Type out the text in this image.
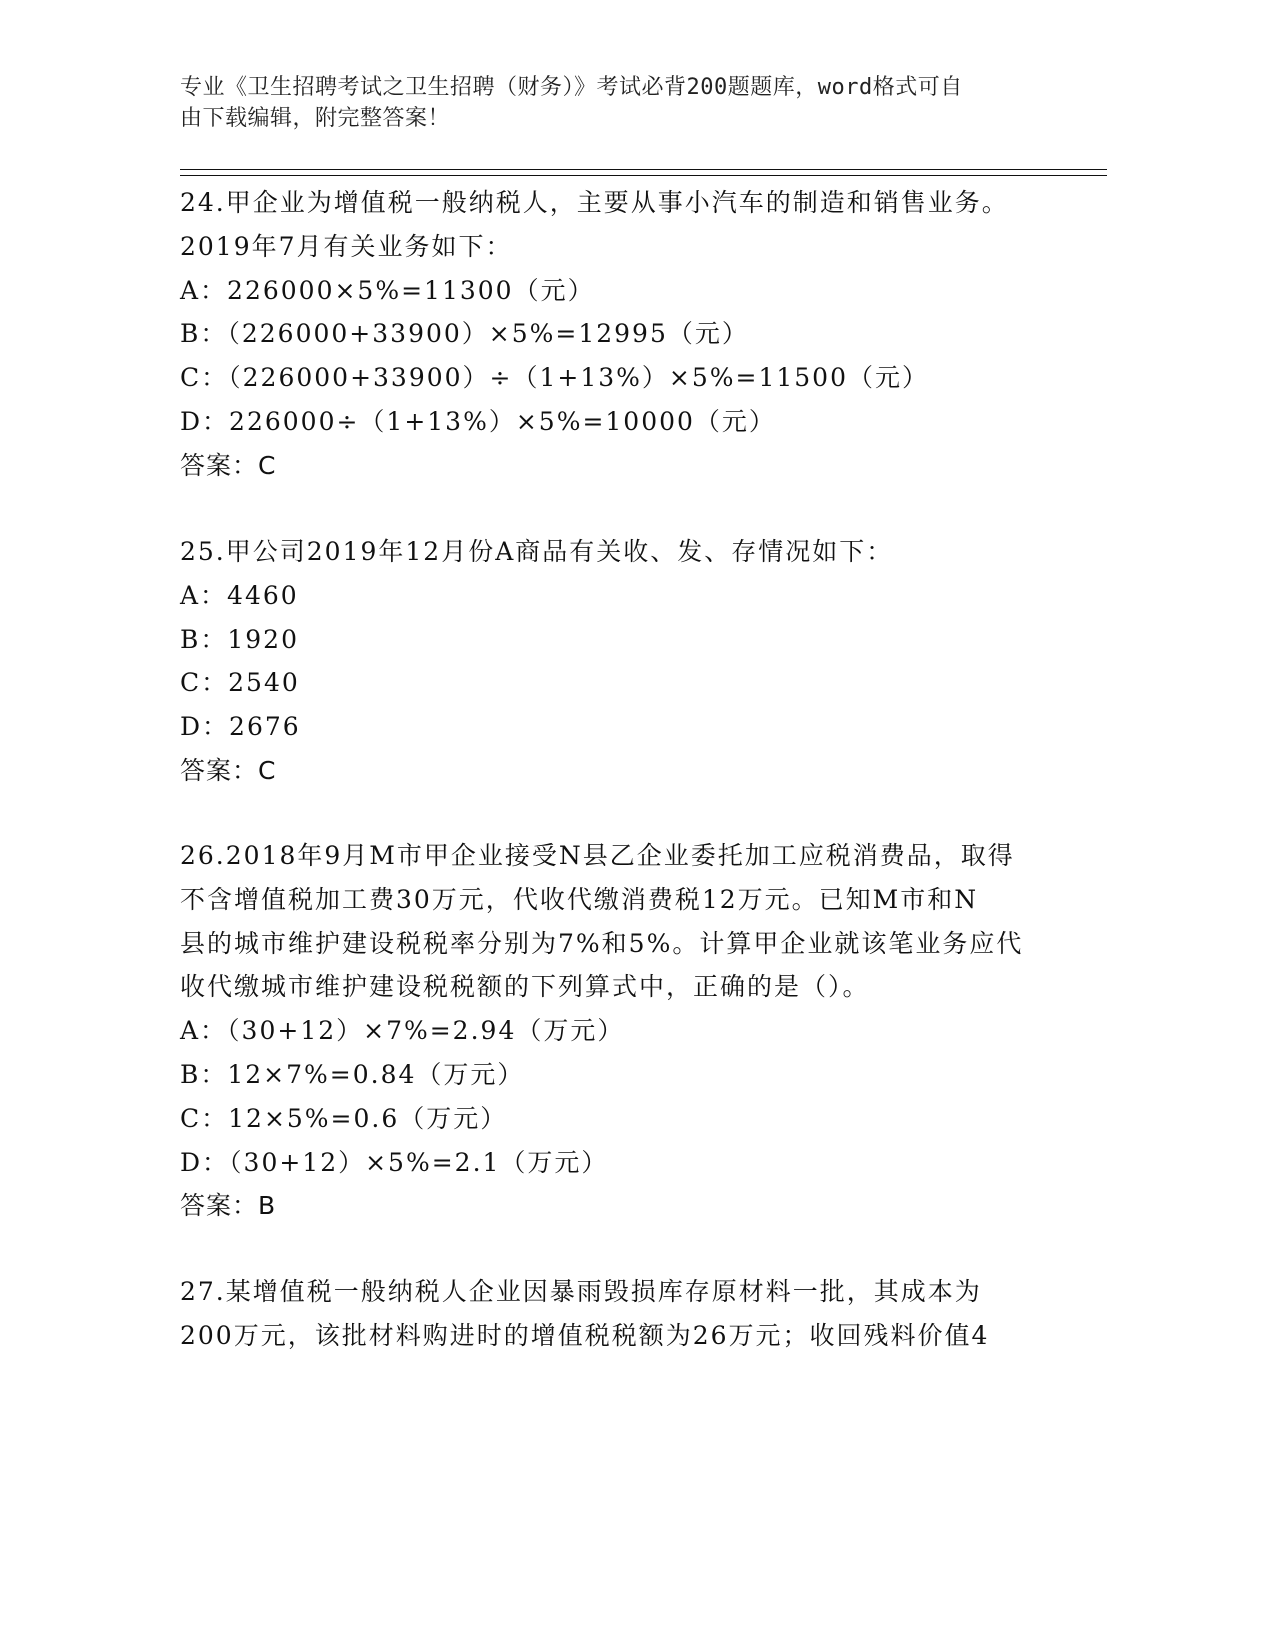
专业《卫生招聘考试之卫生招聘（财务）》考试必背200题题库，word格式可自
由下载编辑，附完整答案！
24.甲企业为增值税一般纳税人，主要从事小汽车的制造和销售业务。
2019年7月有关业务如下：
A：226000×5%=11300（元）
B：（226000+33900）×5%=12995（元）
C：（226000+33900）÷（1+13%）×5%=11500（元）
D：226000÷（1+13%）×5%=10000（元）
答案：C
25.甲公司2019年12月份A商品有关收、发、存情况如下：
A：4460
B：1920
C：2540
D：2676
答案：C
26.2018年9月M市甲企业接受N县乙企业委托加工应税消费品，取得
不含增值税加工费30万元，代收代缴消费税12万元。已知M市和N
县的城市维护建设税税率分别为7%和5%。计算甲企业就该笔业务应代
收代缴城市维护建设税税额的下列算式中，正确的是（）。
A：（30+12）×7%=2.94（万元）
B：12×7%=0.84（万元）
C：12×5%=0.6（万元）
D：（30+12）×5%=2.1（万元）
答案：B
27.某增值税一般纳税人企业因暴雨毁损库存原材料一批，其成本为
200万元，该批材料购进时的增值税税额为26万元；收回残料价值4
